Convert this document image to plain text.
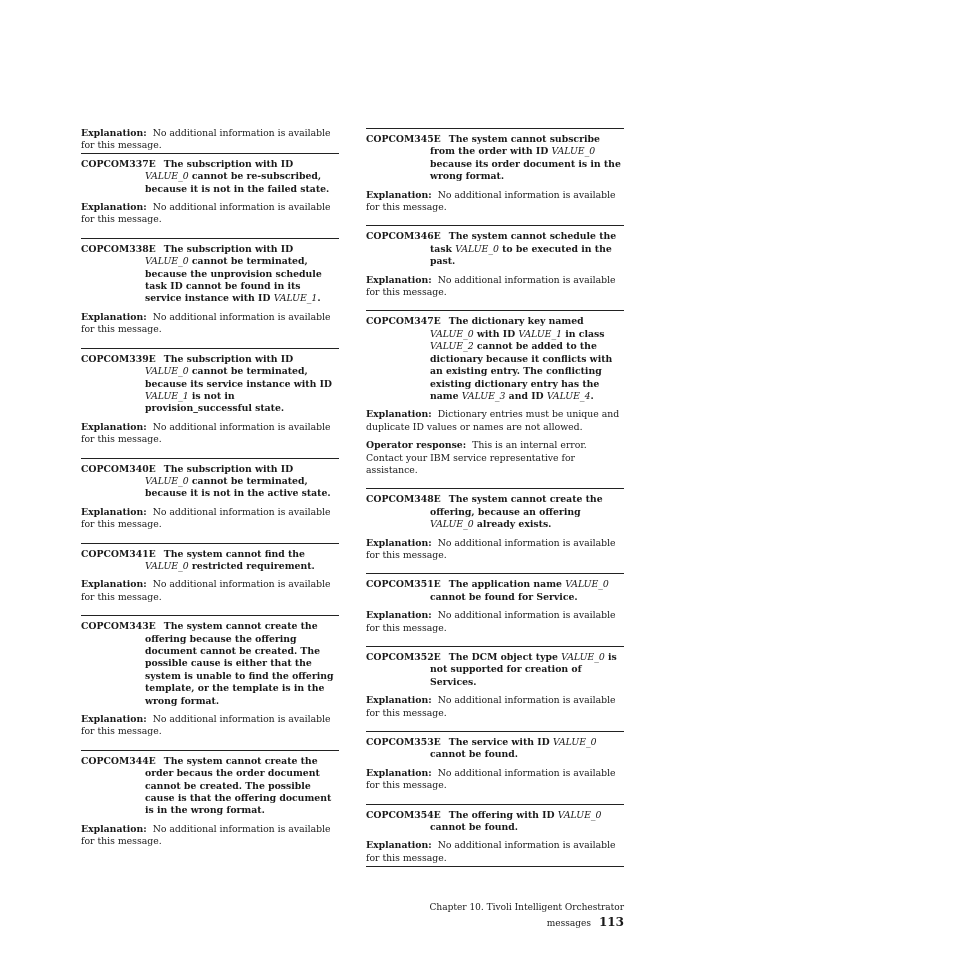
Explanation: No additional information is available for this message.
COPCOM337E The subscription with ID VALUE_0 cannot be re-subscribed, because it is not in the failed state.
Explanation: No additional information is available for this message.
COPCOM338E The subscription with ID VALUE_0 cannot be terminated, because the unprovision schedule task ID cannot be found in its service instance with ID VALUE_1.
Explanation: No additional information is available for this message.
COPCOM339E The subscription with ID VALUE_0 cannot be terminated, because its service instance with ID VALUE_1 is not in provision_successful state.
Explanation: No additional information is available for this message.
COPCOM340E The subscription with ID VALUE_0 cannot be terminated, because it is not in the active state.
Explanation: No additional information is available for this message.
COPCOM341E The system cannot find the VALUE_0 restricted requirement.
Explanation: No additional information is available for this message.
COPCOM343E The system cannot create the offering because the offering document cannot be created. The possible cause is either that the system is unable to find the offering template, or the template is in the wrong format.
Explanation: No additional information is available for this message.
COPCOM344E The system cannot create the order becaus the order document cannot be created. The possible cause is that the offering document is in the wrong format.
Explanation: No additional information is available for this message.
COPCOM345E The system cannot subscribe from the order with ID VALUE_0 because its order document is in the wrong format.
Explanation: No additional information is available for this message.
COPCOM346E The system cannot schedule the task VALUE_0 to be executed in the past.
Explanation: No additional information is available for this message.
COPCOM347E The dictionary key named VALUE_0 with ID VALUE_1 in class VALUE_2 cannot be added to the dictionary because it conflicts with an existing entry. The conflicting existing dictionary entry has the name VALUE_3 and ID VALUE_4.
Explanation: Dictionary entries must be unique and duplicate ID values or names are not allowed.
Operator response: This is an internal error. Contact your IBM service representative for assistance.
COPCOM348E The system cannot create the offering, because an offering VALUE_0 already exists.
Explanation: No additional information is available for this message.
COPCOM351E The application name VALUE_0 cannot be found for Service.
Explanation: No additional information is available for this message.
COPCOM352E The DCM object type VALUE_0 is not supported for creation of Services.
Explanation: No additional information is available for this message.
COPCOM353E The service with ID VALUE_0 cannot be found.
Explanation: No additional information is available for this message.
COPCOM354E The offering with ID VALUE_0 cannot be found.
Explanation: No additional information is available for this message.
Chapter 10. Tivoli Intelligent Orchestrator messages 113
